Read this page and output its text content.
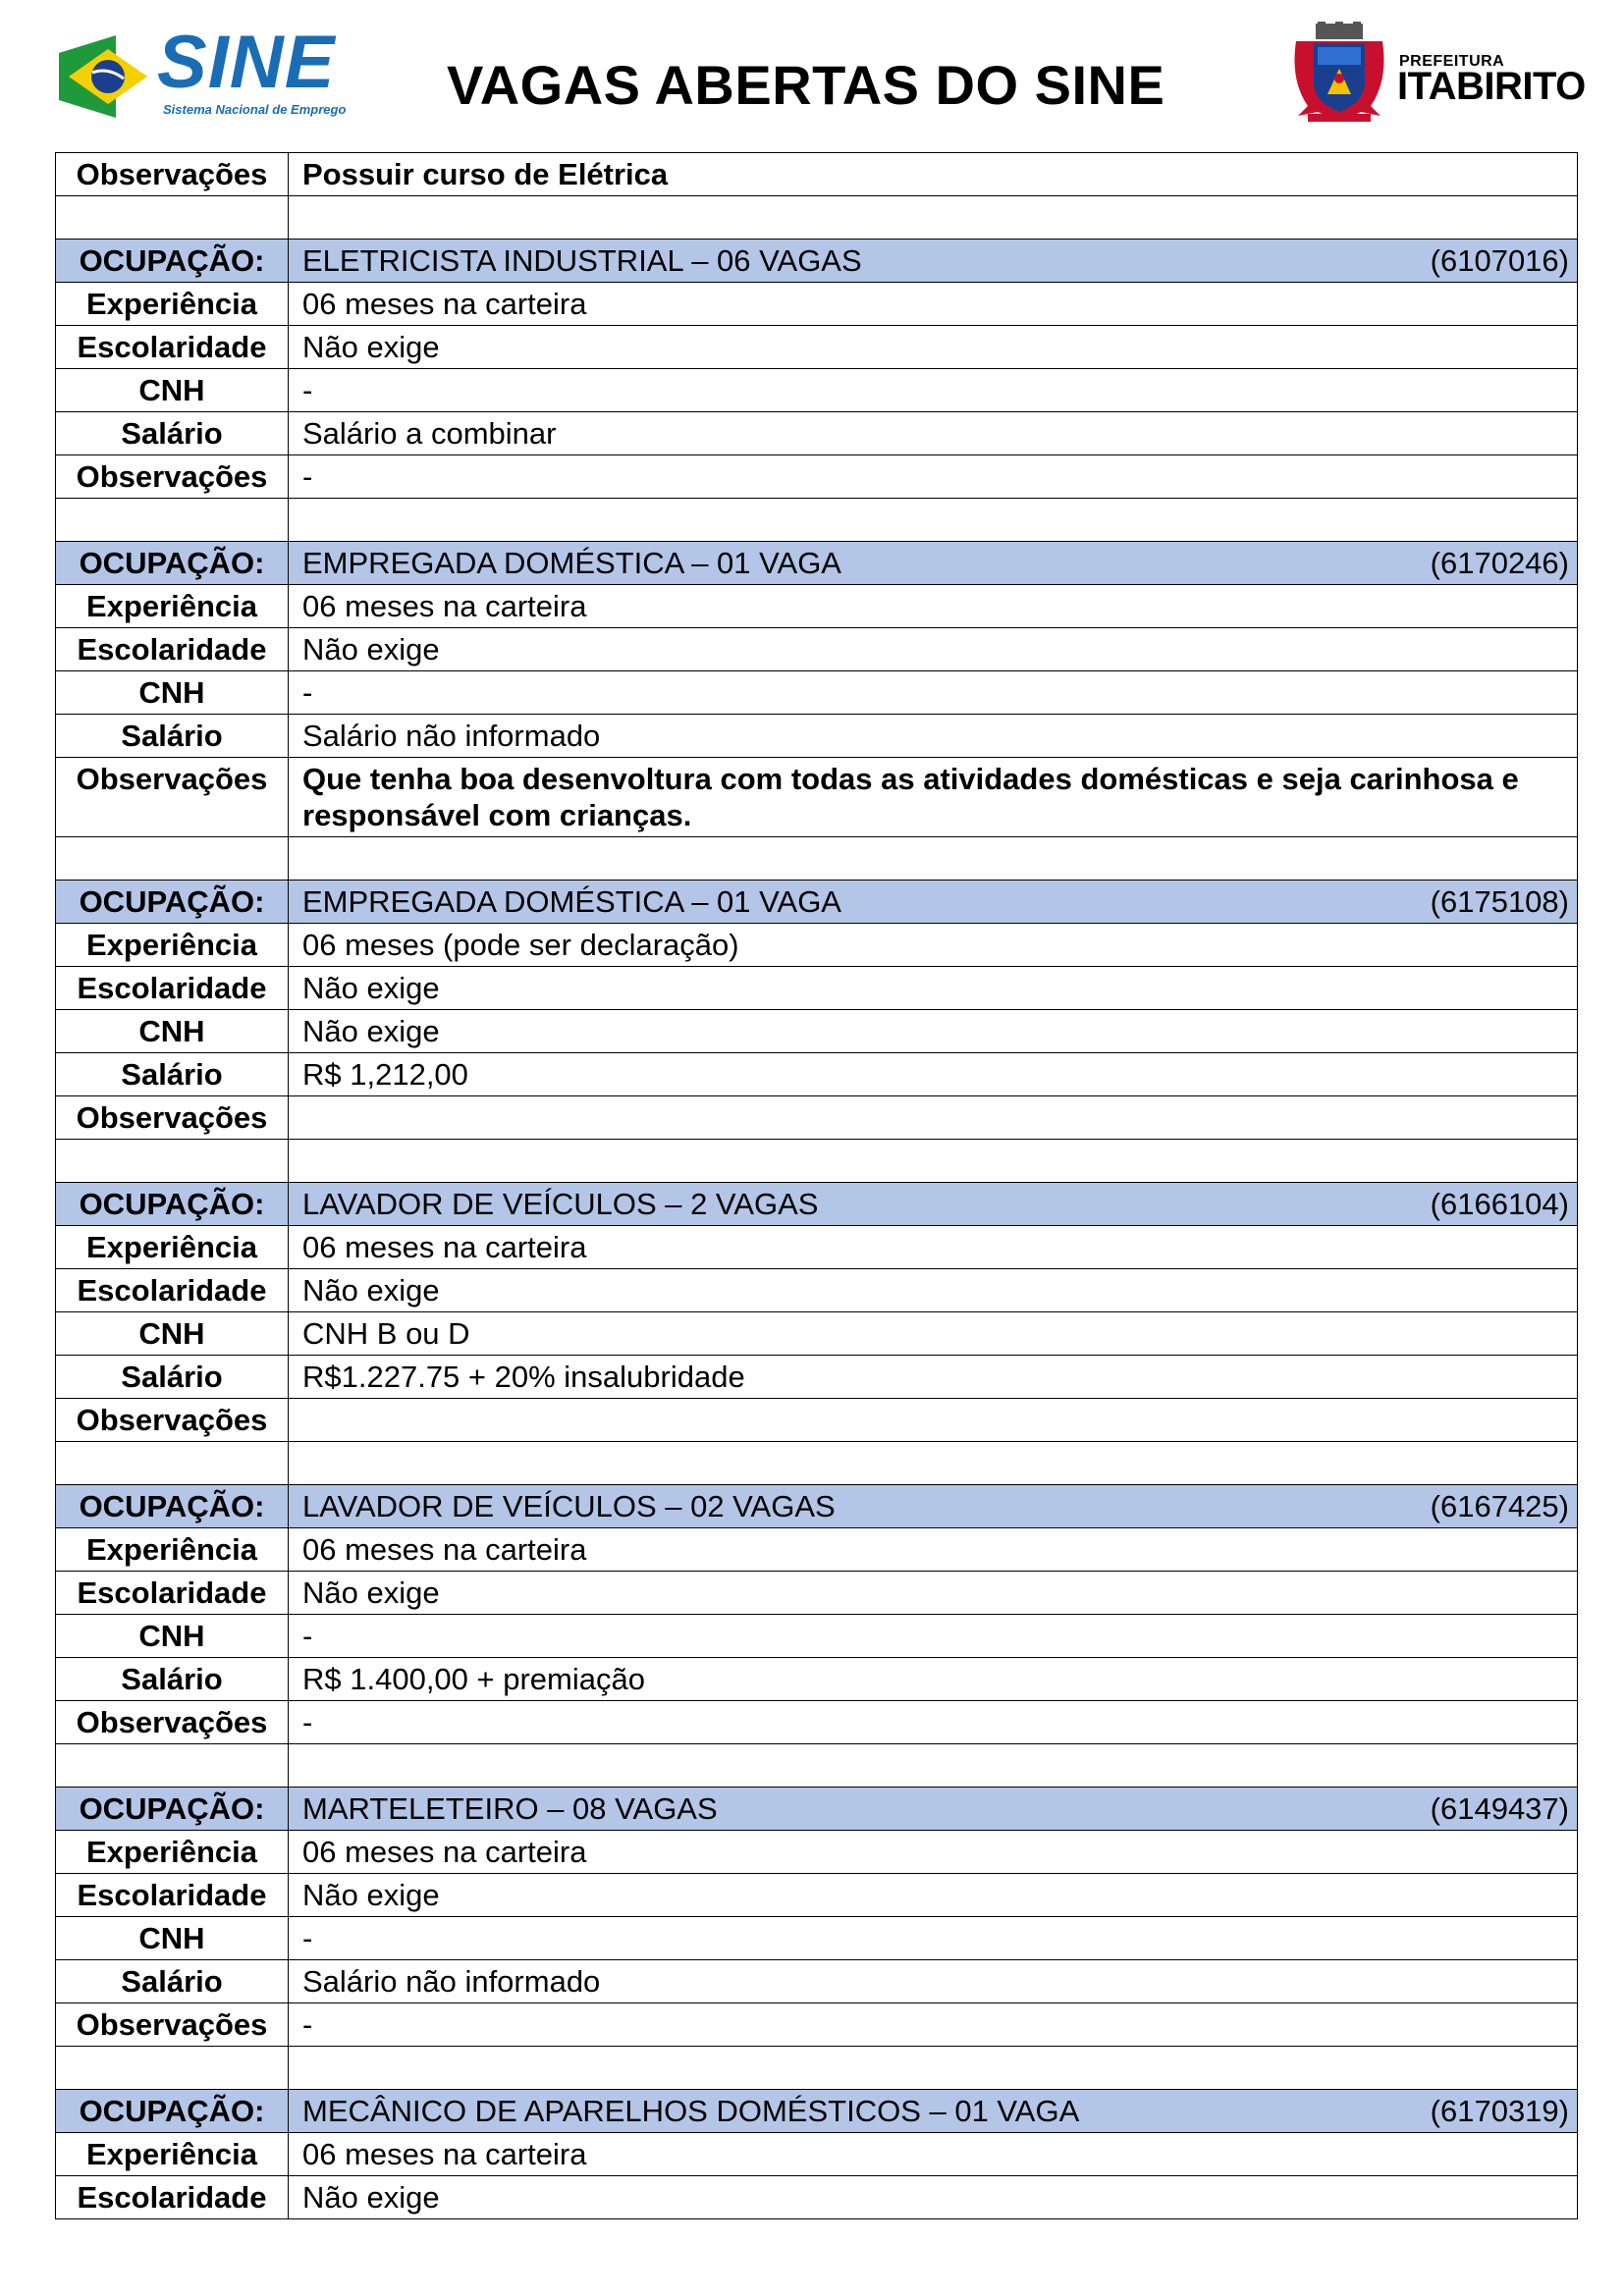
SINE
Sistema Nacional de Emprego VAGAS ABERTAS DO SINE	PREFEITURA
ITABIRITO
Observações	Possuir curso de Elétrica

OCUPAÇÃO:	ELETRICISTA INDUSTRIAL – 06 VAGAS (6107016)

Experiência	06 meses na carteira
Escolaridade	Não exige
CNH	-
Salário	Salário a combinar
Observações	-

OCUPAÇÃO:	EMPREGADA DOMÉSTICA – 01 VAGA (6170246)

Experiência	06 meses na carteira
Escolaridade	Não exige
CNH	-
Salário	Salário não informado
Observações	Que tenha boa desenvoltura com todas as atividades domésticas e seja carinhosa e responsável com crianças.

OCUPAÇÃO:	EMPREGADA DOMÉSTICA – 01 VAGA (6175108)

Experiência	06 meses (pode ser declaração)
Escolaridade	Não exige
CNH	Não exige
Salário	R$ 1,212,00
Observações	

OCUPAÇÃO:	LAVADOR DE VEÍCULOS – 2 VAGAS (6166104)

Experiência	06 meses na carteira
Escolaridade	Não exige
CNH	CNH B ou D
Salário	R$1.227.75 + 20% insalubridade
Observações	

OCUPAÇÃO:	LAVADOR DE VEÍCULOS – 02 VAGAS (6167425)

Experiência	06 meses na carteira
Escolaridade	Não exige
CNH	-
Salário	R$ 1.400,00 + premiação
Observações	-

OCUPAÇÃO:	MARTELETEIRO – 08 VAGAS (6149437)

Experiência	06 meses na carteira
Escolaridade	Não exige
CNH	-
Salário	Salário não informado
Observações	-

OCUPAÇÃO:	MECÂNICO DE APARELHOS DOMÉSTICOS – 01 VAGA (6170319)

Experiência	06 meses na carteira
Escolaridade	Não exige
